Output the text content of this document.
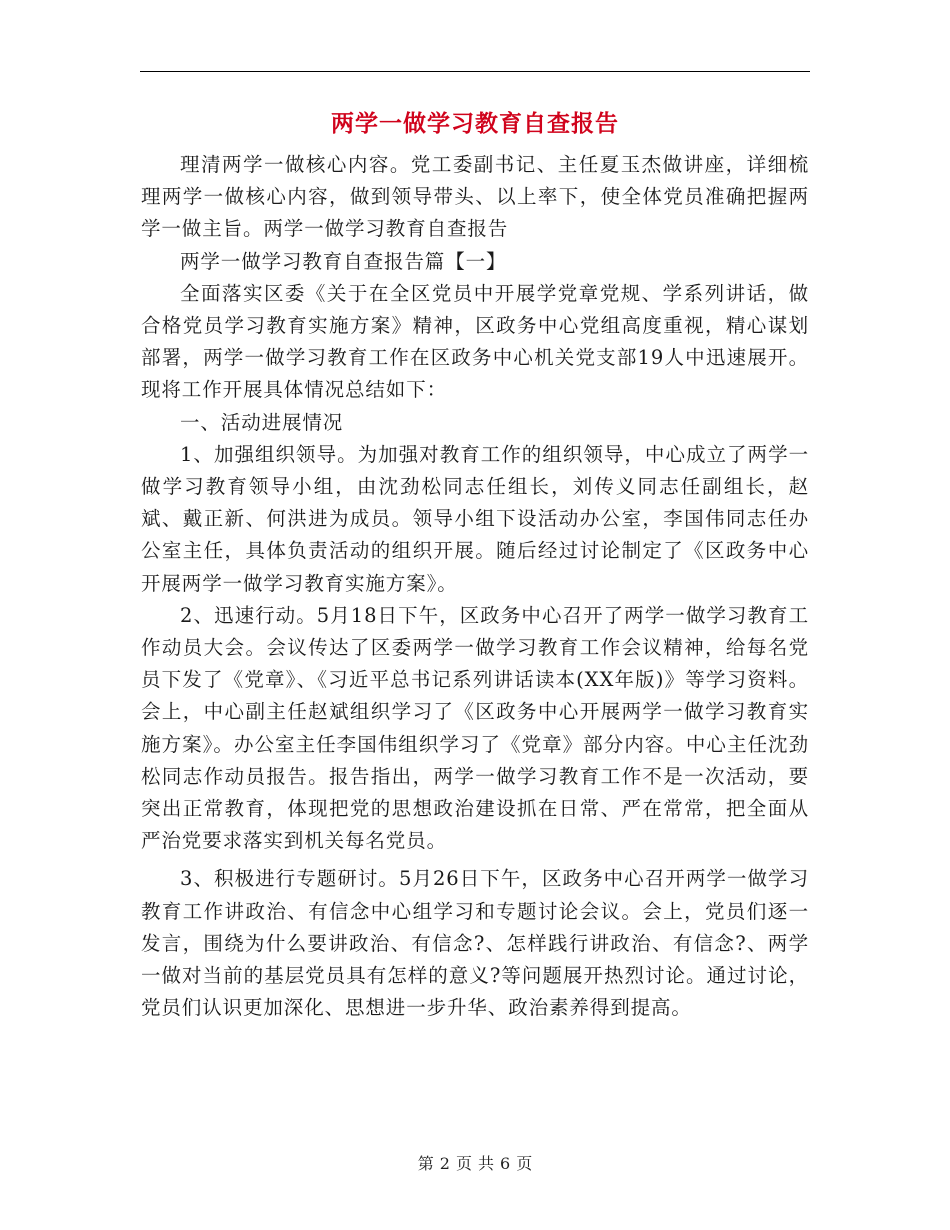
两学一做学习教育自查报告

理清两学一做核心内容。党工委副书记、主任夏玉杰做讲座，详细梳理两学一做核心内容，做到领导带头、以上率下，使全体党员准确把握两学一做主旨。两学一做学习教育自查报告

两学一做学习教育自查报告篇【一】

全面落实区委《关于在全区党员中开展学党章党规、学系列讲话，做合格党员学习教育实施方案》精神，区政务中心党组高度重视，精心谋划部署，两学一做学习教育工作在区政务中心机关党支部19人中迅速展开。现将工作开展具体情况总结如下：

一、活动进展情况

1、加强组织领导。为加强对教育工作的组织领导，中心成立了两学一做学习教育领导小组，由沈劲松同志任组长，刘传义同志任副组长，赵斌、戴正新、何洪进为成员。领导小组下设活动办公室，李国伟同志任办公室主任，具体负责活动的组织开展。随后经过讨论制定了《区政务中心开展两学一做学习教育实施方案》。

2、迅速行动。5月18日下午，区政务中心召开了两学一做学习教育工作动员大会。会议传达了区委两学一做学习教育工作会议精神，给每名党员下发了《党章》、《习近平总书记系列讲话读本(XX年版)》等学习资料。会上，中心副主任赵斌组织学习了《区政务中心开展两学一做学习教育实施方案》。办公室主任李国伟组织学习了《党章》部分内容。中心主任沈劲松同志作动员报告。报告指出，两学一做学习教育工作不是一次活动，要突出正常教育，体现把党的思想政治建设抓在日常、严在常常，把全面从严治党要求落实到机关每名党员。

3、积极进行专题研讨。5月26日下午，区政务中心召开两学一做学习教育工作讲政治、有信念中心组学习和专题讨论会议。会上，党员们逐一发言，围绕为什么要讲政治、有信念?、怎样践行讲政治、有信念?、两学一做对当前的基层党员具有怎样的意义?等问题展开热烈讨论。通过讨论，党员们认识更加深化、思想进一步升华、政治素养得到提高。

第 2 页 共 6 页
